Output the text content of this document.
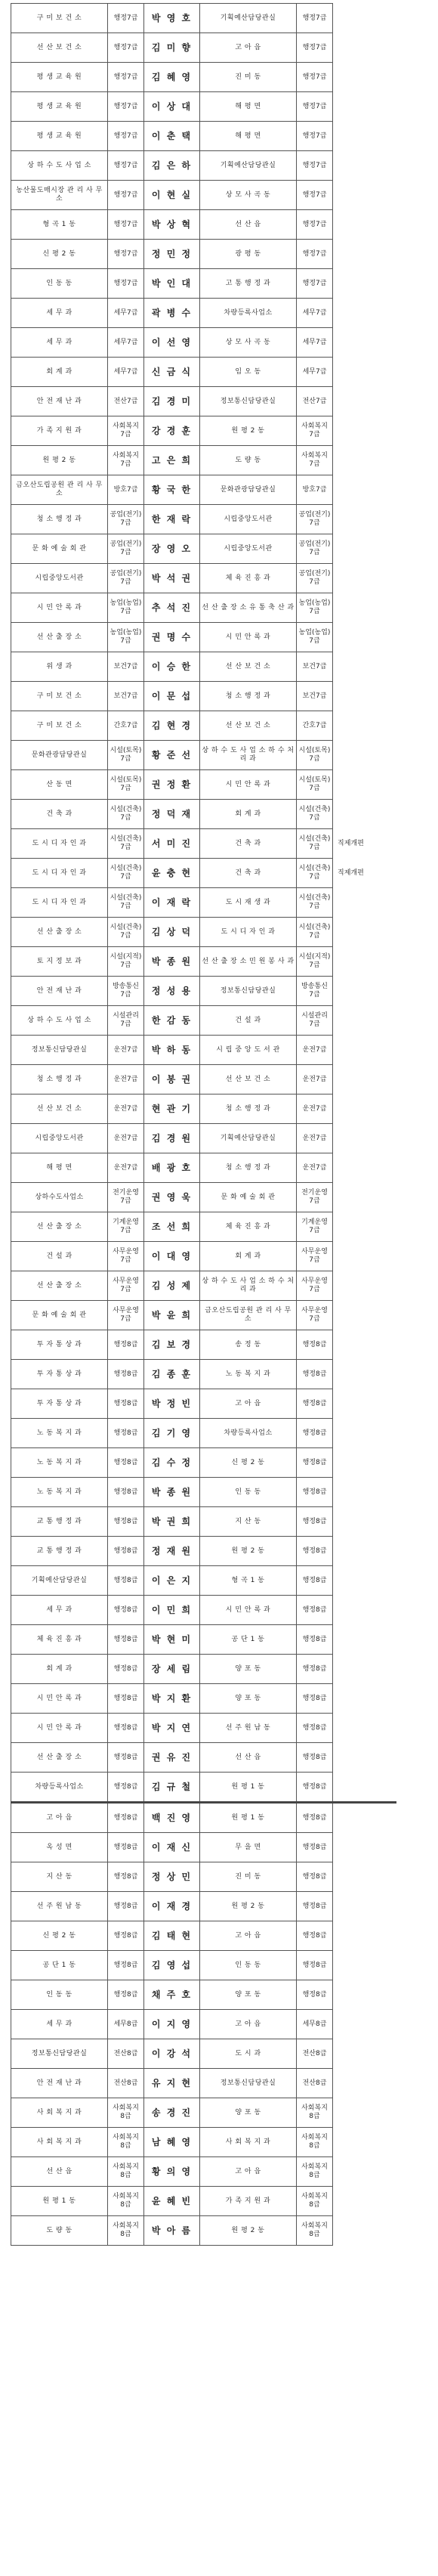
구 미 보 건 소	행정7급	박 영 호	기획예산담당관실	행정7급	
선 산 보 건 소	행정7급	김 미 향	고 아 읍	행정7급	
평 생 교 육 원	행정7급	김 혜 영	진 미 동	행정7급	
평 생 교 육 원	행정7급	이 상 대	해 평 면	행정7급	
평 생 교 육 원	행정7급	이 춘 택	해 평 면	행정7급	
상 하 수 도 사 업 소	행정7급	김 은 하	기획예산담당관실	행정7급	
농산물도매시장 관 리 사 무 소	행정7급	이 현 실	상 모 사 곡 동	행정7급	
형 곡 1 동	행정7급	박 상 혁	선 산 읍	행정7급	
신 평 2 동	행정7급	정 민 정	광 평 동	행정7급	
인 동 동	행정7급	박 인 대	고 통 행 정 과	행정7급	
세 무 과	세무7급	곽 병 수	차량등록사업소	세무7급	
세 무 과	세무7급	이 선 영	상 모 사 곡 동	세무7급	
회 계 과	세무7급	신 금 식	임 오 동	세무7급	
안 전 재 난 과	전산7급	김 경 미	정보통신담당관실	전산7급	
가 족 지 원 과	사회복지 7급	강 경 훈	원 평 2 동	사회복지 7급	
원 평 2 동	사회복지 7급	고 은 희	도 량 동	사회복지 7급	
금오산도립공원 관 리 사 무 소	방호7급	황 국 한	문화관광담당관실	방호7급	
청 소 행 정 과	공업(전기) 7급	한 재 락	시립중앙도서관	공업(전기) 7급	
문 화 예 술 회 관	공업(전기) 7급	장 영 오	시립중앙도서관	공업(전기) 7급	
시립중앙도서관	공업(전기) 7급	박 석 권	체 육 진 흥 과	공업(전기) 7급	
시 민 안 록 과	농업(농업) 7급	추 석 진	선 산 출 장 소 유 통 축 산 과	농업(농업) 7급	
선 산 출 장 소	농업(농업) 7급	권 명 수	시 민 안 록 과	농업(농업) 7급	
위 생 과	보건7급	이 승 한	선 산 보 건 소	보건7급	
구 미 보 건 소	보건7급	이 문 섭	청 소 행 정 과	보건7급	
구 미 보 건 소	간호7급	김 현 경	선 산 보 건 소	간호7급	
문화관광담당관실	시설(토목) 7급	황 준 선	상 하 수 도 사 업 소 하 수 처 리 과	시설(토목) 7급	
산 동 면	시설(토목) 7급	권 정 환	시 민 안 록 과	시설(토목) 7급	
건 축 과	시설(건축) 7급	정 덕 재	회 계 과	시설(건축) 7급	
도 시 디 자 인 과	시설(건축) 7급	서 미 진	건 축 과	시설(건축) 7급	직제개편
도 시 디 자 인 과	시설(건축) 7급	윤 충 현	건 축 과	시설(건축) 7급	직제개편
도 시 디 자 인 과	시설(건축) 7급	이 재 락	도 시 재 생 과	시설(건축) 7급	
선 산 출 장 소	시설(건축) 7급	김 상 덕	도 시 디 자 인 과	시설(건축) 7급	
토 지 정 보 과	시설(지적) 7급	박 종 원	선 산 출 장 소 민 원 봉 사 과	시설(지적) 7급	
안 전 재 난 과	방송통신 7급	정 성 용	정보통신담당관실	방송통신 7급	
상 하 수 도 사 업 소	시설관리 7급	한 감 동	건 설 과	시설관리 7급	
정보통신담당관실	운전7급	박 하 동	시 립 중 앙 도 서 관	운전7급	
청 소 행 정 과	운전7급	이 봉 권	선 산 보 건 소	운전7급	
선 산 보 건 소	운전7급	현 관 기	청 소 행 정 과	운전7급	
시립중앙도서관	운전7급	김 경 원	기획예산담당관실	운전7급	
해 평 면	운전7급	배 광 호	청 소 행 정 과	운전7급	
상하수도사업소	전기운영 7급	권 영 욱	문 화 예 술 회 관	전기운영 7급	
선 산 출 장 소	기계운영 7급	조 선 희	체 육 진 흥 과	기계운영 7급	
건 설 과	사무운영 7급	이 대 영	회 계 과	사무운영 7급	
선 산 출 장 소	사무운영 7급	김 성 제	상 하 수 도 사 업 소 하 수 처 리 과	사무운영 7급	
문 화 예 술 회 관	사무운영 7급	박 윤 희	금오산도립공원 관 리 사 무 소	사무운영 7급	
투 자 통 상 과	행정8급	김 보 경	송 정 동	행정8급	
투 자 통 상 과	행정8급	김 종 훈	노 동 복 지 과	행정8급	
투 자 통 상 과	행정8급	박 정 빈	고 아 읍	행정8급	
노 동 복 지 과	행정8급	김 기 영	차량등록사업소	행정8급	
노 동 복 지 과	행정8급	김 수 정	신 평 2 동	행정8급	
노 동 복 지 과	행정8급	박 종 원	인 동 동	행정8급	
교 통 행 정 과	행정8급	박 권 희	지 산 동	행정8급	
교 통 행 정 과	행정8급	정 재 원	원 평 2 동	행정8급	
기획예산담당관실	행정8급	이 은 지	형 곡 1 동	행정8급	
세 무 과	행정8급	이 민 희	시 민 안 록 과	행정8급	
체 육 진 흥 과	행정8급	박 현 미	공 단 1 동	행정8급	
회 계 과	행정8급	장 세 림	양 포 동	행정8급	
시 민 안 록 과	행정8급	박 지 환	양 포 동	행정8급	
시 민 안 록 과	행정8급	박 지 연	선 주 원 남 동	행정8급	
선 산 출 장 소	행정8급	권 유 진	선 산 읍	행정8급	
차량등록사업소	행정8급	김 규 철	원 평 1 동	행정8급	
고 아 읍	행정8급	백 진 영	원 평 1 동	행정8급	
옥 성 면	행정8급	이 재 신	무 을 면	행정8급	
지 산 동	행정8급	정 상 민	진 미 동	행정8급	
선 주 원 남 동	행정8급	이 재 경	원 평 2 동	행정8급	
신 평 2 동	행정8급	김 태 현	고 아 읍	행정8급	
공 단 1 동	행정8급	김 영 섭	인 동 동	행정8급	
인 동 동	행정8급	채 주 호	양 포 동	행정8급	
세 무 과	세무8급	이 지 영	고 아 읍	세무8급	
정보통신담당관실	전산8급	이 강 석	도 시 과	전산8급	
안 전 재 난 과	전산8급	유 지 현	정보통신담당관실	전산8급	
사 회 복 지 과	사회복지 8급	송 경 진	양 포 동	사회복지 8급	
사 회 복 지 과	사회복지 8급	남 혜 영	사 회 복 지 과	사회복지 8급	
선 산 읍	사회복지 8급	황 의 영	고 아 읍	사회복지 8급	
원 평 1 동	사회복지 8급	윤 혜 빈	가 족 지 원 과	사회복지 8급	
도 량 동	사회복지 8급	박 아 름	원 평 2 동	사회복지 8급	
